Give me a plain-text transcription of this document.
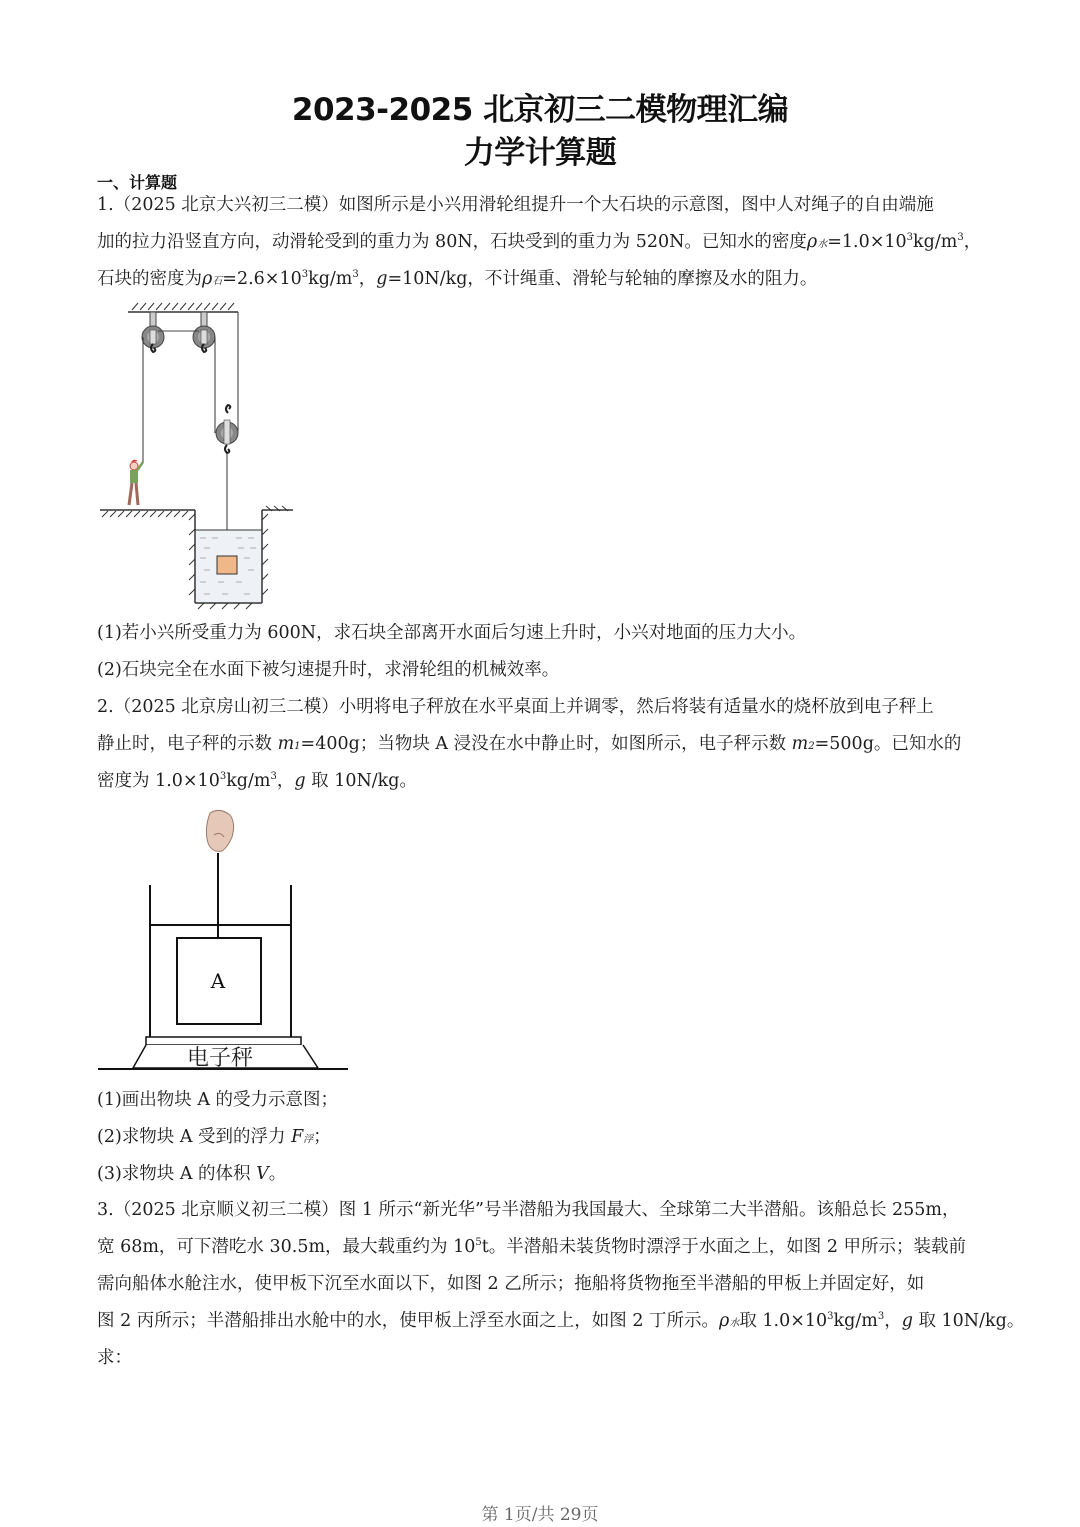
2023-2025 北京初三二模物理汇编
力学计算题
一、计算题
1.（2025 北京大兴初三二模）如图所示是小兴用滑轮组提升一个大石块的示意图，图中人对绳子的自由端施
加的拉力沿竖直方向，动滑轮受到的重力为 80N，石块受到的重力为 520N。已知水的密度ρ水$=1.0\times 10^3kg/m^3$，
石块的密度为ρ石$=2.6\times 10^3kg/m^3$，g=10N/kg，不计绳重、滑轮与轮轴的摩擦及水的阻力。
(1)若小兴所受重力为 600N，求石块全部离开水面后匀速上升时，小兴对地面的压力大小。
(2)石块完全在水面下被匀速提升时，求滑轮组的机械效率。
2.（2025 北京房山初三二模）小明将电子秤放在水平桌面上并调零，然后将装有适量水的烧杯放到电子秤上
静止时，电子秤的示数 m1=400g；当物块 A 浸没在水中静止时，如图所示，电子秤示数 m2=500g。已知水的
密度为 $1.0\times 10^3kg/m^3$，g 取 10N/kg。
A
电子秤
(1)画出物块 A 的受力示意图；
(2)求物块 A 受到的浮力 F浮；
(3)求物块 A 的体积 V。
3.（2025 北京顺义初三二模）图 1 所示“新光华”号半潜船为我国最大、全球第二大半潜船。该船总长 255m，
宽 68m，可下潜吃水 30.5m，最大载重约为 $10^5t$。半潜船未装货物时漂浮于水面之上，如图 2 甲所示；装载前
需向船体水舱注水，使甲板下沉至水面以下，如图 2 乙所示；拖船将货物拖至半潜船的甲板上并固定好，如
图 2 丙所示；半潜船排出水舱中的水，使甲板上浮至水面之上，如图 2 丁所示。ρ水取 $1.0\times 10^3kg/m^3$，g 取 10N/kg。
求：
第 1页/共 29页
